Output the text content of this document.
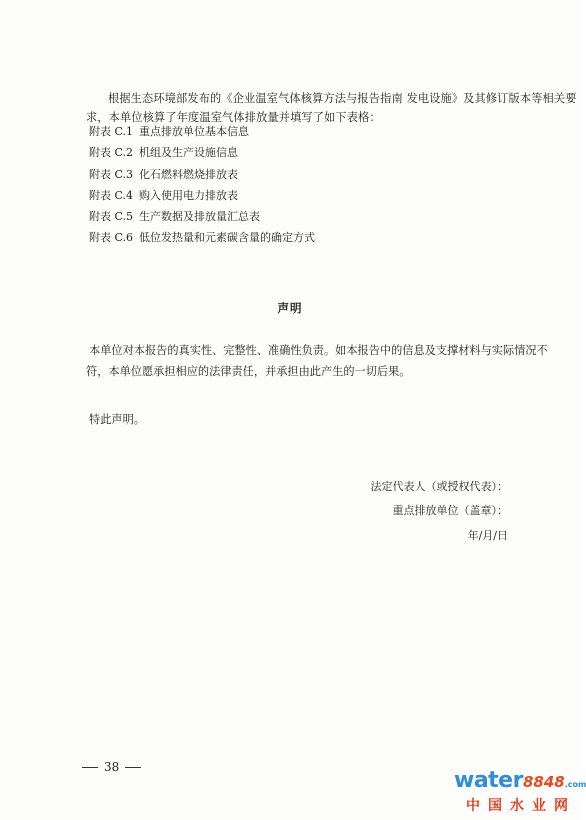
根据生态环境部发布的《企业温室气体核算方法与报告指南 发电设施》及其修订版本等相关要
求，本单位核算了年度温室气体排放量并填写了如下表格：

附表 C.1 重点排放单位基本信息
附表 C.2 机组及生产设施信息
附表 C.3 化石燃料燃烧排放表
附表 C.4 购入使用电力排放表
附表 C.5 生产数据及排放量汇总表
附表 C.6 低位发热量和元素碳含量的确定方式
声明

本单位对本报告的真实性、完整性、准确性负责。如本报告中的信息及支撑材料与实际情况不
符，本单位愿承担相应的法律责任，并承担由此产生的一切后果。

特此声明。
法定代表人（或授权代表）：
重点排放单位（盖章）：
年/月/日
38
water8848.com
中国水业网
